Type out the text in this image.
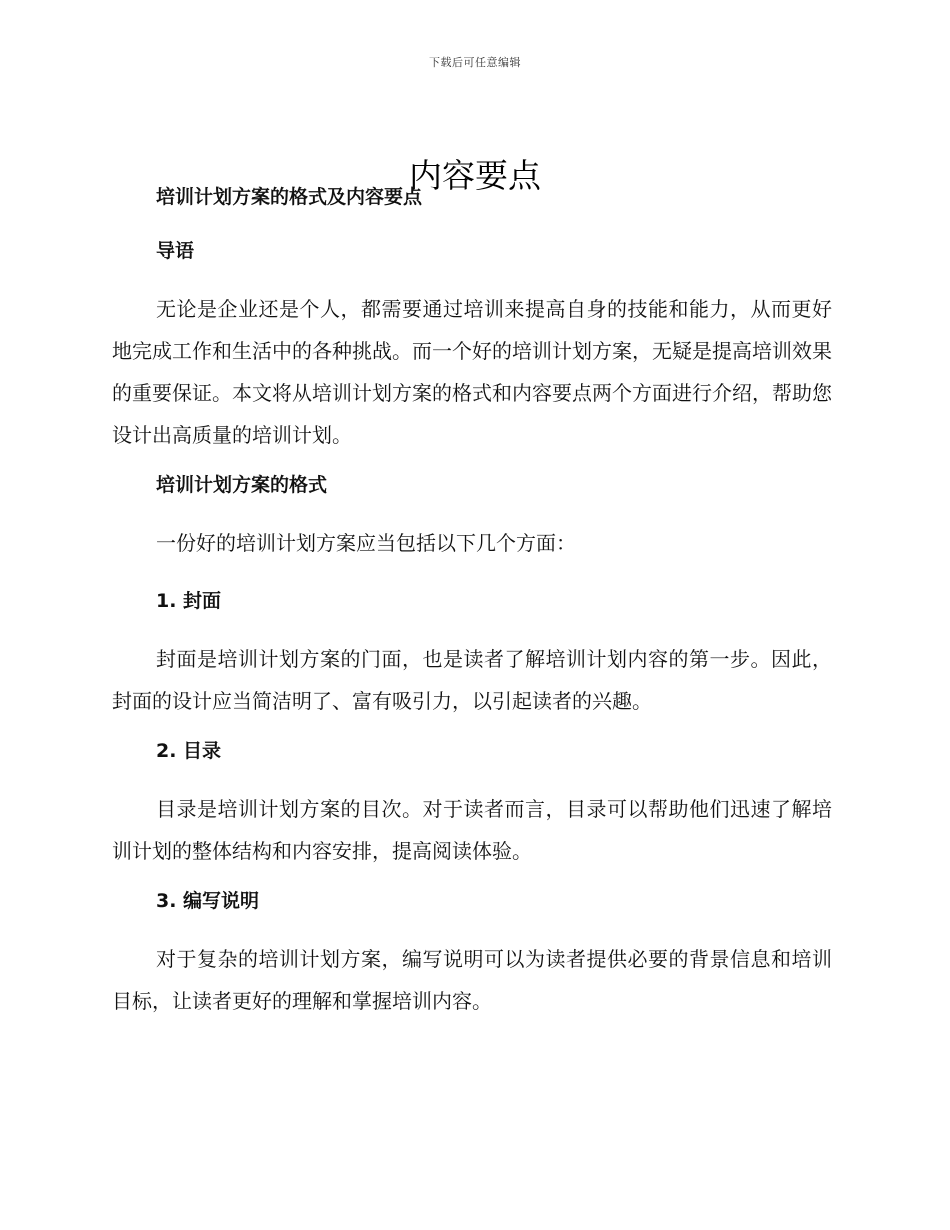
下载后可任意编辑
内容要点
培训计划方案的格式及内容要点
导语

无论是企业还是个人，都需要通过培训来提高自身的技能和能力，从而更好地完成工作和生活中的各种挑战。而一个好的培训计划方案，无疑是提高培训效果的重要保证。本文将从培训计划方案的格式和内容要点两个方面进行介绍，帮助您设计出高质量的培训计划。

培训计划方案的格式

一份好的培训计划方案应当包括以下几个方面：

1. 封面

封面是培训计划方案的门面，也是读者了解培训计划内容的第一步。因此，封面的设计应当简洁明了、富有吸引力，以引起读者的兴趣。

2. 目录

目录是培训计划方案的目次。对于读者而言，目录可以帮助他们迅速了解培训计划的整体结构和内容安排，提高阅读体验。

3. 编写说明

对于复杂的培训计划方案，编写说明可以为读者提供必要的背景信息和培训目标，让读者更好的理解和掌握培训内容。
